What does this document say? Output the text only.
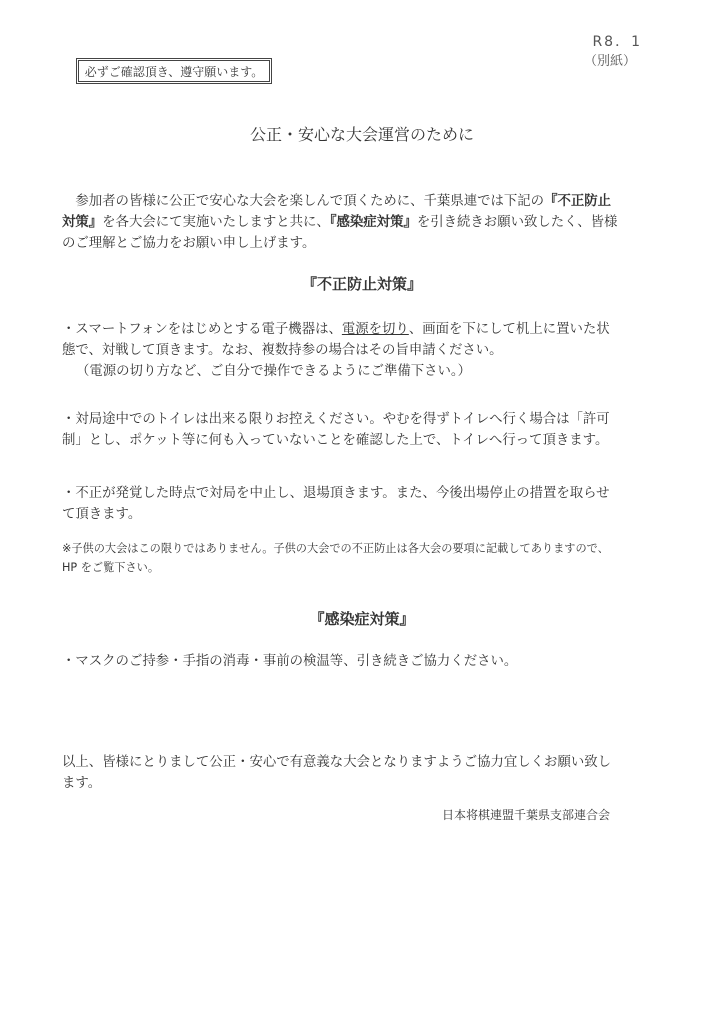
R8．1
（別紙）
必ずご確認頂き、遵守願います。
公正・安心な大会運営のために
　参加者の皆様に公正で安心な大会を楽しんで頂くために、千葉県連では下記の『不正防止対策』を各大会にて実施いたしますと共に、『感染症対策』を引き続きお願い致したく、皆様のご理解とご協力をお願い申し上げます。
『不正防止対策』
・スマートフォンをはじめとする電子機器は、電源を切り、画面を下にして机上に置いた状態で、対戦して頂きます。なお、複数持参の場合はその旨申請ください。
（電源の切り方など、ご自分で操作できるようにご準備下さい。）
・対局途中でのトイレは出来る限りお控えください。やむを得ずトイレへ行く場合は「許可制」とし、ポケット等に何も入っていないことを確認した上で、トイレへ行って頂きます。
・不正が発覚した時点で対局を中止し、退場頂きます。また、今後出場停止の措置を取らせて頂きます。
※子供の大会はこの限りではありません。子供の大会での不正防止は各大会の要項に記載してありますので、HP をご覧下さい。
『感染症対策』
・マスクのご持参・手指の消毒・事前の検温等、引き続きご協力ください。
以上、皆様にとりまして公正・安心で有意義な大会となりますようご協力宜しくお願い致します。
日本将棋連盟千葉県支部連合会
